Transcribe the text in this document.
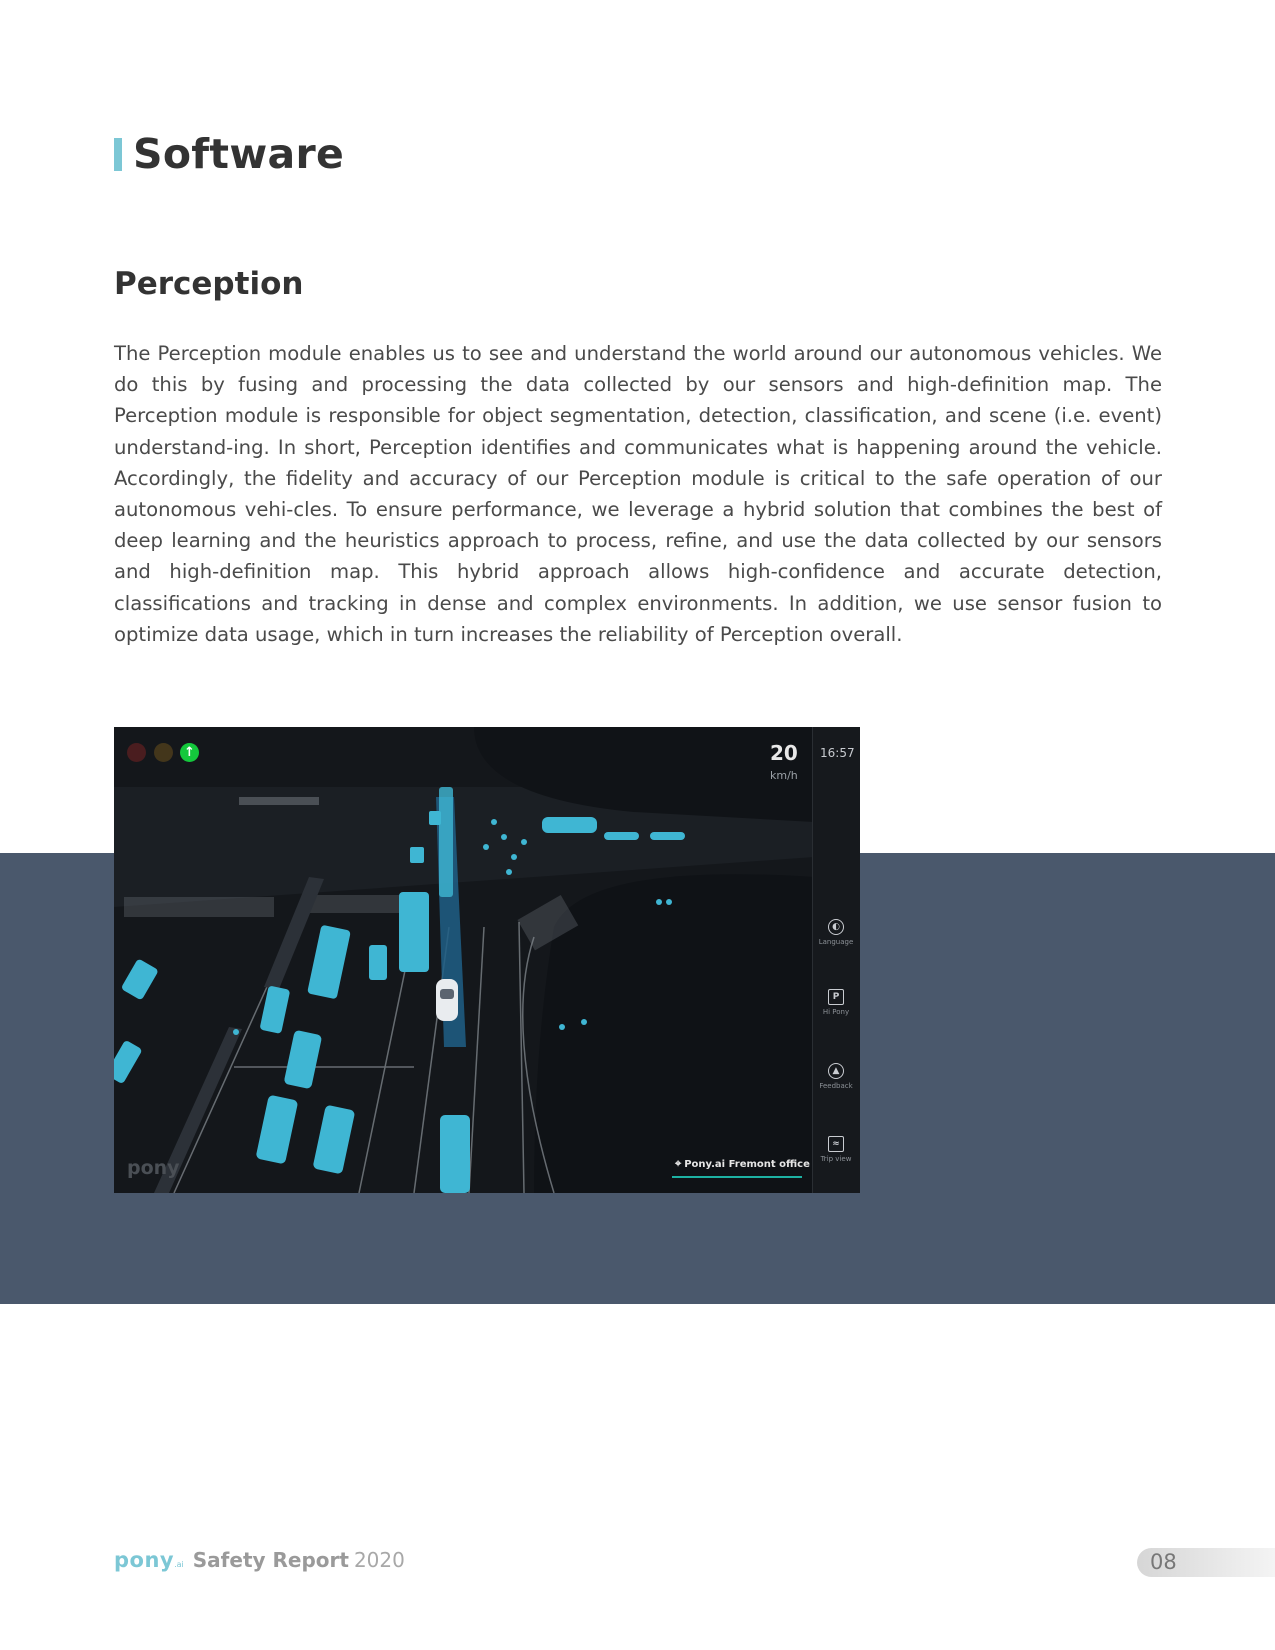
Software
Perception

The Perception module enables us to see and understand the world around our autonomous vehicles. We do this by fusing and processing the data collected by our sensors and high-definition map. The Perception module is responsible for object segmentation, detection, classification, and scene (i.e. event) understand-ing. In short, Perception identifies and communicates what is happening around the vehicle. Accordingly, the fidelity and accuracy of our Perception module is critical to the safe operation of our autonomous vehi-cles. To ensure performance, we leverage a hybrid solution that combines the best of deep learning and the heuristics approach to process, refine, and use the data collected by our sensors and high-definition map. This hybrid approach allows high-confidence and accurate detection, classifications and tracking in dense and complex environments. In addition, we use sensor fusion to optimize data usage, which in turn increases the reliability of Perception overall.

↑	20
km/h
16:57
◐
Language
P
Hi Pony
▲
Feedback
≈
Trip view
⌖ Pony.ai Fremont office
pony
pony .ai Safety Report 2020	08
